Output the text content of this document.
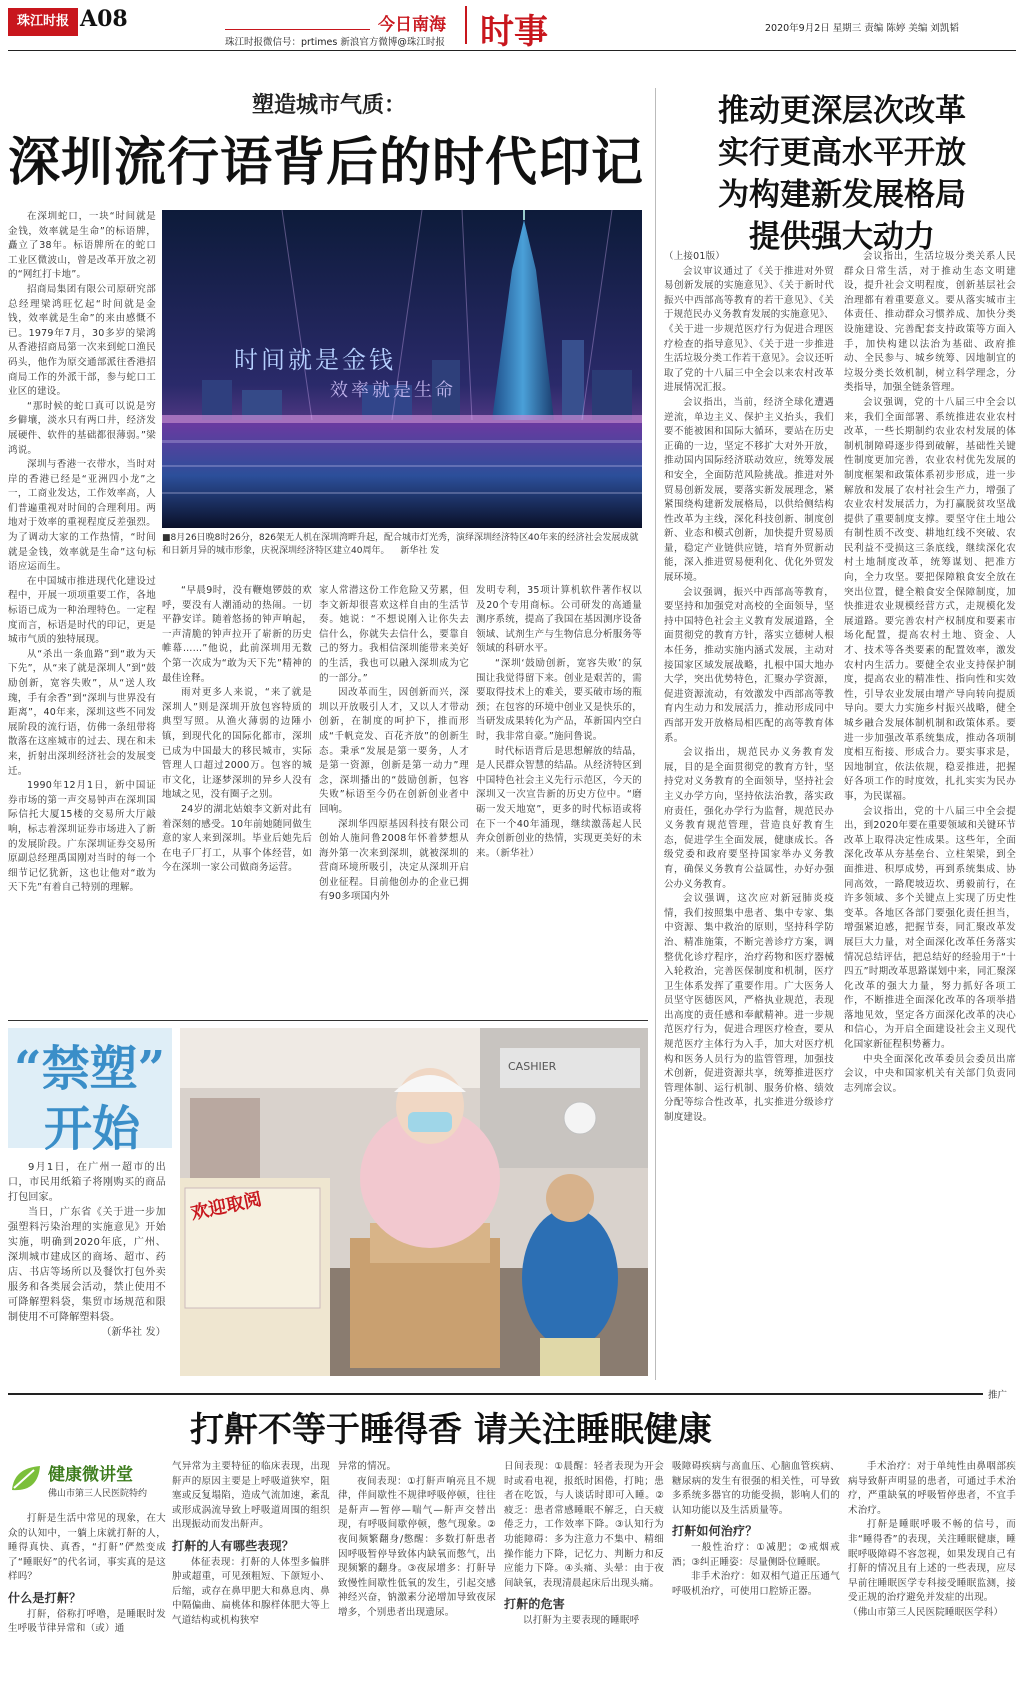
珠江时报 A08	今日南海 时事
珠江时报微信号：prtimes 新浪官方微博@珠江时报
2020年9月2日 星期三 责编 陈婷 美编 刘凯韬
塑造城市气质：
深圳流行语背后的时代印记

在深圳蛇口，一块“时间就是金钱，效率就是生命”的标语牌，矗立了38年。标语牌所在的蛇口工业区微波山，曾是改革开放之初的“网红打卡地”。

招商局集团有限公司原研究部总经理梁鸿旺忆起“时间就是金钱，效率就是生命”的来由感慨不已。1979年7月，30多岁的梁鸿从香港招商局第一次来到蛇口渔民码头，他作为原交通部派往香港招商局工作的外派干部，参与蛇口工业区的建设。

“那时候的蛇口真可以说是穷乡僻壤，淡水只有两口井，经济发展硬件、软件的基础都很薄弱。”梁鸿说。

深圳与香港一衣带水，当时对岸的香港已经是“亚洲四小龙”之一，工商业发达，工作效率高，人们普遍重视对时间的合理利用。两地对于效率的重视程度反差强烈。为了调动大家的工作热情，“时间就是金钱，效率就是生命”这句标语应运而生。

在中国城市推进现代化建设过程中，开展一项项重要工作，各地标语已成为一种治理特色。一定程度而言，标语是时代的印记，更是城市气质的独特展现。

从“杀出一条血路”到“敢为天下先”，从“来了就是深圳人”到“鼓励创新，宽容失败”，从“送人玫瑰，手有余香”到“深圳与世界没有距离”，40年来，深圳这些不同发展阶段的流行语，仿佛一条纽带将散落在这座城市的过去、现在和未来，折射出深圳经济社会的发展变迁。

1990年12月1日，新中国证券市场的第一声交易钟声在深圳国际信托大厦15楼的交易所大厅敲响，标志着深圳证券市场进入了新的发展阶段。广东深圳证券交易所原副总经理禹国刚对当时的每一个细节记忆犹新，这也让他对“敢为天下先”有着自己特别的理解。

时间就是金钱
效率就是生命
■8月26日晚8时26分，826架无人机在深圳湾畔升起，配合城市灯光秀，演绎深圳经济特区40年来的经济社会发展成就和日新月异的城市形象，庆祝深圳经济特区建立40周年。 新华社 发

“早晨9时，没有鞭炮锣鼓的欢呼，要没有人潮涌动的热闹。一切平静安详。随着悠扬的钟声响起，一声清脆的钟声拉开了崭新的历史帷幕……”他说，此前深圳用无数个第一次成为“敢为天下先”精神的最佳诠释。

雨对更多人来说，“来了就是深圳人”则是深圳开放包容特质的典型写照。从渔火薄弱的边陲小镇，到现代化的国际化都市，深圳已成为中国最大的移民城市，实际管理人口超过2000万。包容的城市文化，让逐梦深圳的异乡人没有地域之见，没有圈子之别。

24岁的湖北姑娘李文新对此有着深刻的感受。10年前她随同做生意的家人来到深圳。毕业后她先后在电子厂打工，从事个体经营，如今在深圳一家公司做商务运营。

家人常潜这份工作危险又劳累，但李文新却很喜欢这样自由的生活节奏。她说：“不想说刚入让你失去信什么，你就失去信什么，要靠自己的努力。我相信深圳能带来美好的生活，我也可以融入深圳成为它的一部分。”

因改革而生，因创新而兴，深圳以开放吸引人才，又以人才带动创新，在制度的呵护下，推而形成“千帆竞发、百花齐放”的创新生态。秉承“发展是第一要务，人才是第一资源，创新是第一动力”理念，深圳播出的“鼓励创新，包容失败”标语至今仍在创新创业者中回响。

深圳华四原基因科技有限公司创始人施问鲁2008年怀着梦想从海外第一次来到深圳，就被深圳的营商环境所吸引，决定从深圳开启创业征程。目前他创办的企业已拥有90多项国内外

发明专利，35项计算机软件著作权以及20个专用商标。公司研发的高通量测序系统，提高了我国在基因测序设备领域、试剂生产与生物信息分析服务等领域的科研水平。

“深圳‘鼓励创新，宽容失败’的氛围让我觉得留下来。创业是艰苦的，需要取得技术上的难关，要买破市场的瓶颈；在包容的环境中创业又是快乐的，当研发成果转化为产品，革新国内空白时，我非常自豪。”施问鲁说。

时代标语背后是思想解放的结晶，是人民群众智慧的结晶。从经济特区到中国特色社会主义先行示范区，今天的深圳又一次宣告新的历史方位中。“磨砺一发天地宽”，更多的时代标语或将在下一个40年涌现，继续激荡起人民奔众创新创业的热情，实现更美好的未来。（新华社）

推动更深层次改革
实行更高水平开放
为构建新发展格局
提供强大动力

（上接01版）

会议审议通过了《关于推进对外贸易创新发展的实施意见》、《关于新时代振兴中西部高等教育的若干意见》、《关于规范民办义务教育发展的实施意见》、《关于进一步规范医疗行为促进合理医疗检查的指导意见》、《关于进一步推进生活垃圾分类工作若干意见》。会议还听取了党的十八届三中全会以来农村改革进展情况汇报。

会议指出，当前，经济全球化遭遇逆流，单边主义、保护主义抬头，我们要不能被困和国际大循环，要站在历史正确的一边，坚定不移扩大对外开放，推动国内国际经济联动效应，统筹发展和安全，全面防范风险挑战。推进对外贸易创新发展，要落实新发展理念，紧紧围绕构建新发展格局，以供给侧结构性改革为主线，深化科技创新、制度创新、业态和模式创新，加快提升贸易质量，稳定产业链供应链，培育外贸新动能，深入推进贸易便利化、优化外贸发展环境。

会议强调，振兴中西部高等教育，要坚持和加强党对高校的全面领导，坚持中国特色社会主义教育发展道路，全面贯彻党的教育方针，落实立德树人根本任务，推动实施内涵式发展，主动对接国家区域发展战略，扎根中国大地办大学，突出优势特色，汇聚办学资源，促进资源流动，有效激发中西部高等教育内生动力和发展活力，推动形成同中西部开发开放格局相匹配的高等教育体系。

会议指出，规范民办义务教育发展，目的是全面贯彻党的教育方针，坚持党对义务教育的全面领导，坚持社会主义办学方向，坚持依法治教，落实政府责任，强化办学行为监督，规范民办义务教育规范管理，营造良好教育生态，促进学生全面发展，健康成长。各级党委和政府要坚持国家举办义务教育，确保义务教育公益属性，办好办强公办义务教育。

会议强调，这次应对新冠肺炎疫情，我们按照集中患者、集中专家、集中资源、集中救治的原则，坚持科学防治、精准施策，不断完善诊疗方案，调整优化诊疗程序，治疗药物和医疗器械入轮救治，完善医保制度和机制，医疗卫生体系发挥了重要作用。广大医务人员坚守医德医风，严格执业规范，表现出高度的责任感和奉献精神。进一步规范医疗行为，促进合理医疗检查，要从规范医疗主体行为入手，加大对医疗机构和医务人员行为的监管管理，加强技术创新，促进资源共享，统筹推进医疗管理体制、运行机制、服务价格、绩效分配等综合性改革，扎实推进分级诊疗制度建设。

会议指出，生活垃圾分类关系人民群众日常生活，对于推动生态文明建设，提升社会文明程度，创新基层社会治理都有着重要意义。要从落实城市主体责任、推动群众习惯养成、加快分类设施建设、完善配套支持政策等方面入手，加快构建以法治为基础、政府推动、全民参与、城乡统筹、因地制宜的垃圾分类长效机制，树立科学理念，分类指导，加强全链条管理。

会议强调，党的十八届三中全会以来，我们全面部署、系统推进农业农村改革，一些长期制约农业农村发展的体制机制障碍逐步得到破解，基础性关键性制度更加完善，农业农村优先发展的制度框架和政策体系初步形成，进一步解放和发展了农村社会生产力，增强了农业农村发展活力，为打赢脱贫攻坚战提供了重要制度支撑。要坚守住土地公有制性质不改变、耕地红线不突破、农民利益不受损这三条底线，继续深化农村土地制度改革，统筹谋划、把准方向，全力攻坚。要把保障粮食安全放在突出位置，健全粮食安全保障制度，加快推进农业规模经营方式，走规模化发展道路。要完善农村产权制度和要素市场化配置，提高农村土地、资金、人才、技术等各类要素的配置效率，激发农村内生活力。要健全农业支持保护制度，提高农业的精准性、指向性和实效性，引导农业发展由增产导向转向提质导向。要大力实施乡村振兴战略，健全城乡融合发展体制机制和政策体系。要进一步加强改革系统集成，推动各项制度相互衔接、形成合力。要实事求是，因地制宜，依法依规，稳妥推进，把握好各项工作的时度效，扎扎实实为民办事，为民谋福。

会议指出，党的十八届三中全会提出，到2020年要在重要领域和关键环节改革上取得决定性成果。这些年，全面深化改革从夯基垒台、立柱架梁，到全面推进、积厚成势，再到系统集成、协同高效，一路爬坡迈坎、勇毅前行，在许多领域、多个关键点上实现了历史性变革。各地区各部门要强化责任担当，增强紧迫感，把握节奏，同汇聚改革发展巨大力量，对全面深化改革任务落实情况总结评估，把总结好的经验用于“十四五”时期改革思路谋划中来，同汇聚深化改革的强大力量，努力抓好各项工作，不断推进全面深化改革的各项举措落地见效，坚定各方面深化改革的决心和信心，为开启全面建设社会主义现代化国家新征程积势蓄力。

中央全面深化改革委员会委员出席会议，中央和国家机关有关部门负责同志列席会议。

“禁塑”
开始

9月1日，在广州一超市的出口，市民用纸箱子将刚购买的商品打包回家。

当日，广东省《关于进一步加强塑料污染治理的实施意见》开始实施，明确到2020年底，广州、深圳城市建成区的商场、超市、药店、书店等场所以及餐饮打包外卖服务和各类展会活动，禁止使用不可降解塑料袋，集贸市场规范和限制使用不可降解塑料袋。

（新华社 发）

欢迎取阅
CASHIER
推广
打鼾不等于睡得香 请关注睡眠健康
健康微讲堂
佛山市第三人民医院特约

打鼾是生活中常见的现象，在大众的认知中，一躺上床就打鼾的人，睡得真快、真香，“打鼾”俨然变成了“睡眠好”的代名词，事实真的是这样吗？

什么是打鼾？

打鼾，俗称打呼噜，是睡眠时发生呼吸节律异常和（或）通

气异常为主要特征的临床表现，出现鼾声的原因主要是上呼吸道狭窄，阻塞或反复塌陷，造成气流加速，紊乱或形成涡流导致上呼吸道周围的组织出现振动而发出鼾声。

打鼾的人有哪些表现？

体征表现：打鼾的人体型多偏胖肿或超重，可见颈粗短、下颌短小、后缩，或存在鼻甲肥大和鼻息肉、鼻中隔偏曲、扁桃体和腺样体肥大等上气道结构或机构狭窄

异常的情况。

夜间表现：①打鼾声响亮且不规律，伴间歇性不规律呼吸停顿，往往是鼾声—暂停—喘气—鼾声交替出现，有呼吸间歇停顿，憋气现象。②夜间频繁翻身/憋醒：多数打鼾患者因呼吸暂停导致体内缺氧而憋气，出现频繁的翻身。③夜尿增多：打鼾导致慢性间歇性低氧的发生，引起交感神经兴奋，钠激素分泌增加导致夜尿增多，个别患者出现遗尿。

日间表现：①晨醒：轻者表现为开会时或看电视，报纸时困倦，打盹；患者在吃饭，与人谈话时即可入睡。②疲乏：患者常感睡眠不解乏，白天疲倦乏力，工作效率下降。③认知行为功能障碍：多为注意力不集中、精细操作能力下降，记忆力、判断力和反应能力下降。④头痛、头晕：由于夜间缺氧，表现清晨起床后出现头痛。

打鼾的危害

以打鼾为主要表现的睡眠呼

吸障碍疾病与高血压、心脑血管疾病、糖尿病的发生有很强的相关性，可导致多系统多器官的功能受损，影响人们的认知功能以及生活质量等。

打鼾如何治疗？

一般性治疗：①减肥；②戒烟戒酒；③纠正睡姿：尽量侧卧位睡眠。

非手术治疗：如双相气道正压通气呼吸机治疗，可使用口腔矫正器。

手术治疗：对于单纯性由鼻咽部疾病导致鼾声明显的患者，可通过手术治疗，严重缺氧的呼吸暂停患者，不宜手术治疗。

打鼾是睡眠呼吸不畅的信号，而非“睡得香”的表现，关注睡眠健康，睡眠呼吸障碍不容忽视，如果发现自己有打鼾的情况且有上述的一些表现，应尽早前往睡眠医学专科接受睡眠监测，接受正规的治疗避免并发症的出现。

（佛山市第三人民医院睡眠医学科）
